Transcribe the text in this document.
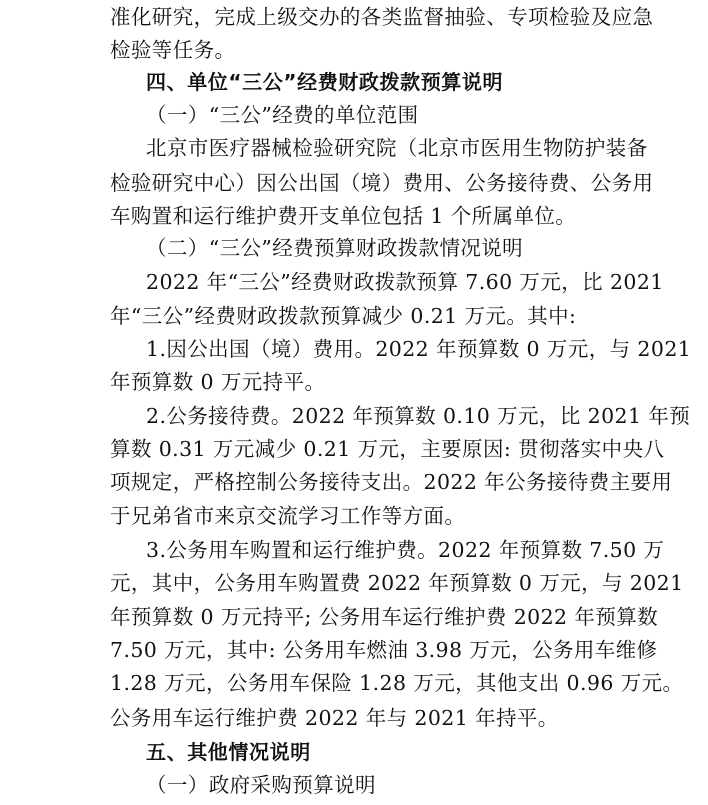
准化研究，完成上级交办的各类监督抽验、专项检验及应急
检验等任务。
四、单位“三公”经费财政拨款预算说明
（一）“三公”经费的单位范围
北京市医疗器械检验研究院（北京市医用生物防护装备
检验研究中心）因公出国（境）费用、公务接待费、公务用
车购置和运行维护费开支单位包括 1 个所属单位。
（二）“三公”经费预算财政拨款情况说明
2022 年“三公”经费财政拨款预算 7.60 万元，比 2021
年“三公”经费财政拨款预算减少 0.21 万元。其中:
1.因公出国（境）费用。2022 年预算数 0 万元，与 2021
年预算数 0 万元持平。
2.公务接待费。2022 年预算数 0.10 万元，比 2021 年预
算数 0.31 万元减少 0.21 万元，主要原因: 贯彻落实中央八
项规定，严格控制公务接待支出。2022 年公务接待费主要用
于兄弟省市来京交流学习工作等方面。
3.公务用车购置和运行维护费。2022 年预算数 7.50 万
元，其中，公务用车购置费 2022 年预算数 0 万元，与 2021
年预算数 0 万元持平; 公务用车运行维护费 2022 年预算数
7.50 万元，其中: 公务用车燃油 3.98 万元，公务用车维修
1.28 万元，公务用车保险 1.28 万元，其他支出 0.96 万元。
公务用车运行维护费 2022 年与 2021 年持平。
五、其他情况说明
（一）政府采购预算说明
